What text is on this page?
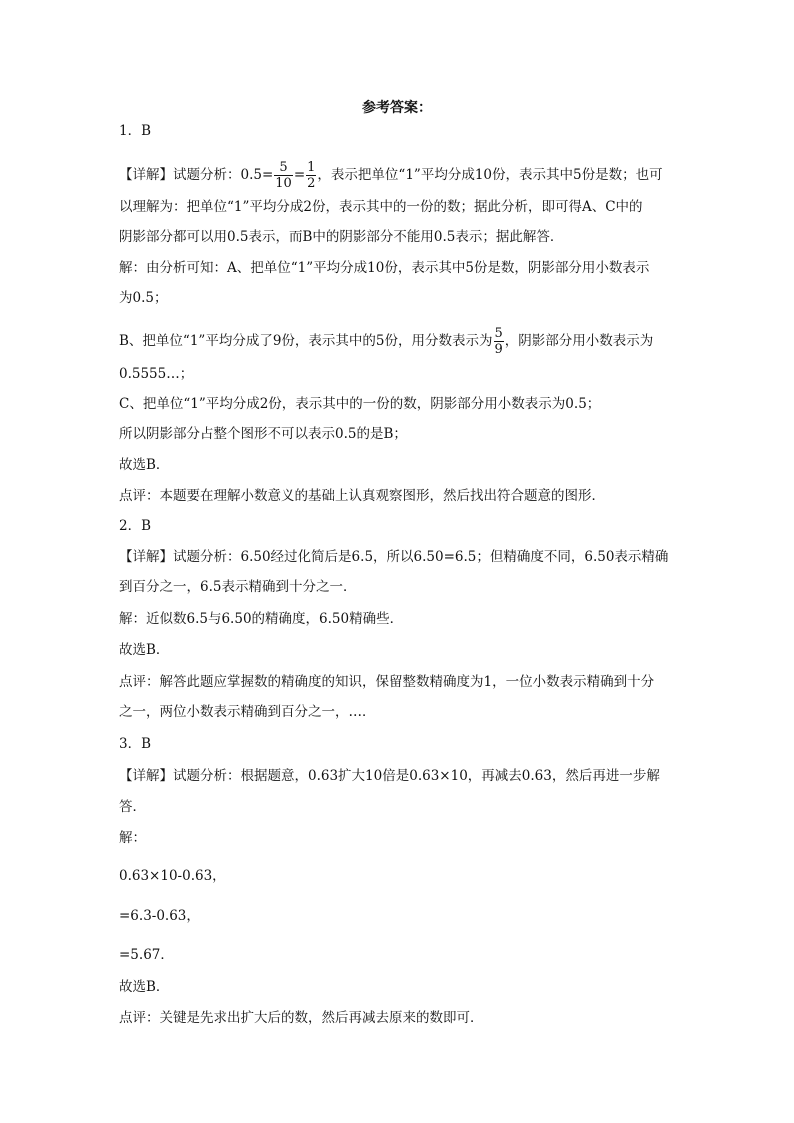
参考答案：
1．B
【详解】试题分析：$0.5= \frac{5}{10} = \frac{1}{2}$ ，表示把单位“1”平均分成10份，表示其中5份是数；也可
以理解为：把单位“1”平均分成2份，表示其中的一份的数；据此分析，即可得A、C中的
阴影部分都可以用0.5表示，而B中的阴影部分不能用0.5表示；据此解答．
解：由分析可知：A、把单位“1”平均分成10份，表示其中5份是数，阴影部分用小数表示
为0.5；
B、把单位“1”平均分成了9份，表示其中的5份，用分数表示为 $\frac{5}{9}$ ，阴影部分用小数表示为
0.5555…；
C、把单位“1”平均分成2份，表示其中的一份的数，阴影部分用小数表示为0.5；
所以阴影部分占整个图形不可以表示0.5的是B；
故选B．
点评：本题要在理解小数意义的基础上认真观察图形，然后找出符合题意的图形．
2．B
【详解】试题分析：6.50经过化简后是6.5，所以6.50=6.5；但精确度不同，6.50表示精确
到百分之一，6.5表示精确到十分之一．
解：近似数6.5与6.50的精确度，6.50精确些．
故选B．
点评：解答此题应掌握数的精确度的知识，保留整数精确度为1，一位小数表示精确到十分
之一，两位小数表示精确到百分之一，…．
3．B
【详解】试题分析：根据题意，0.63扩大10倍是0.63×10，再减去0.63，然后再进一步解
答．
解：
0.63×10-0.63，
=6.3-0.63，
=5.67．
故选B．
点评：关键是先求出扩大后的数，然后再减去原来的数即可．
